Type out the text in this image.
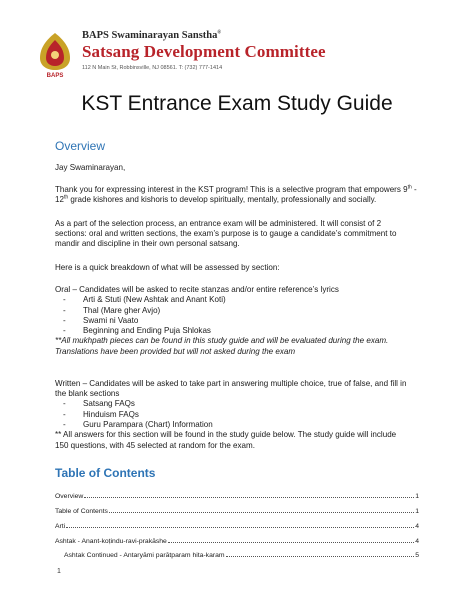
BAPS
BAPS Swaminarayan Sanstha®
Satsang Development Committee
112 N Main St, Robbinsville, NJ 08561. T: (732) 777-1414
KST Entrance Exam Study Guide
Overview

Jay Swaminarayan,

Thank you for expressing interest in the KST program! This is a selective program that empowers 9th -

12th grade kishores and kishoris to develop spiritually, mentally, professionally and socially.

As a part of the selection process, an entrance exam will be administered. It will consist of 2

sections: oral and written sections, the exam’s purpose is to gauge a candidate’s commitment to

mandir and discipline in their own personal satsang.

Here is a quick breakdown of what will be assessed by section:

Oral – Candidates will be asked to recite stanzas and/or entire reference’s lyrics

- Arti & Stuti (New Ashtak and Anant Koti)
- Thal (Mare gher Avjo)
- Swami ni Vaato
- Beginning and Ending Puja Shlokas

**All mukhpath pieces can be found in this study guide and will be evaluated during the exam.

Translations have been provided but will not asked during the exam

Written – Candidates will be asked to take part in answering multiple choice, true of false, and fill in

the blank sections

- Satsang FAQs
- Hinduism FAQs
- Guru Parampara (Chart) Information

** All answers for this section will be found in the study guide below. The study guide will include

150 questions, with 45 selected at random for the exam.

Table of Contents
Overview	1
Table of Contents	1
Arti	4
Ashtak - Anant-koṭindu-ravi-prakāshe	4
Ashtak Continued - Antaryāmi parātparam hita-karam	5
1
